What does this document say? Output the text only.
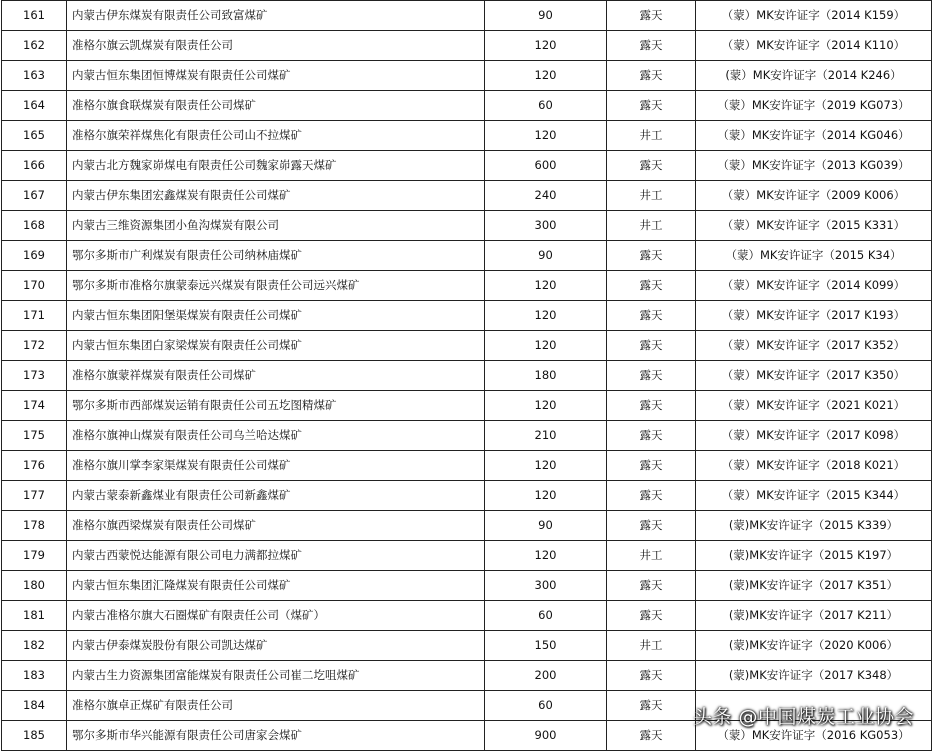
161	内蒙古伊东煤炭有限责任公司致富煤矿	90	露天	（蒙）MK安许证字（2014 K159）
162	准格尔旗云凯煤炭有限责任公司	120	露天	（蒙）MK安许证字（2014 K110）
163	内蒙古恒东集团恒博煤炭有限责任公司煤矿	120	露天	(蒙）MK安许证字（2014 K246）
164	准格尔旗食联煤炭有限责任公司煤矿	60	露天	（蒙）MK安许证字（2019 KG073）
165	准格尔旗荣祥煤焦化有限责任公司山不拉煤矿	120	井工	（蒙）MK安许证字（2014 KG046）
166	内蒙古北方魏家峁煤电有限责任公司魏家峁露天煤矿	600	露天	（蒙）MK安许证字（2013 KG039）
167	内蒙古伊东集团宏鑫煤炭有限责任公司煤矿	240	井工	（蒙）MK安许证字（2009 K006）
168	内蒙古三维资源集团小鱼沟煤炭有限公司	300	井工	（蒙）MK安许证字（2015 K331）
169	鄂尔多斯市广利煤炭有限责任公司纳林庙煤矿	90	露天	（蒙）MK安许证字（2015 K34）
170	鄂尔多斯市准格尔旗蒙泰远兴煤炭有限责任公司远兴煤矿	120	露天	（蒙）MK安许证字（2014 K099）
171	内蒙古恒东集团阳堡渠煤炭有限责任公司煤矿	120	露天	（蒙）MK安许证字（2017 K193）
172	内蒙古恒东集团白家梁煤炭有限责任公司煤矿	120	露天	（蒙）MK安许证字（2017 K352）
173	准格尔旗蒙祥煤炭有限责任公司煤矿	180	露天	（蒙）MK安许证字（2017 K350）
174	鄂尔多斯市西部煤炭运销有限责任公司五圪图精煤矿	120	露天	（蒙）MK安许证字（2021 K021）
175	准格尔旗神山煤炭有限责任公司乌兰哈达煤矿	210	露天	（蒙）MK安许证字（2017 K098）
176	准格尔旗川掌李家渠煤炭有限责任公司煤矿	120	露天	（蒙）MK安许证字（2018 K021）
177	内蒙古蒙泰新鑫煤业有限责任公司新鑫煤矿	120	露天	（蒙）MK安许证字（2015 K344）
178	准格尔旗西梁煤炭有限责任公司煤矿	90	露天	(蒙)MK安许证字（2015 K339）
179	内蒙古西蒙悦达能源有限公司电力满都拉煤矿	120	井工	(蒙)MK安许证字（2015 K197）
180	内蒙古恒东集团汇隆煤炭有限责任公司煤矿	300	露天	(蒙)MK安许证字（2017 K351）
181	内蒙古准格尔旗大石圈煤矿有限责任公司（煤矿）	60	露天	(蒙)MK安许证字（2017 K211）
182	内蒙古伊泰煤炭股份有限公司凯达煤矿	150	井工	(蒙)MK安许证字（2020 K006）
183	内蒙古生力资源集团富能煤炭有限责任公司崔二圪咀煤矿	200	露天	(蒙)MK安许证字（2017 K348）
184	准格尔旗卓正煤矿有限责任公司	60	露天	
185	鄂尔多斯市华兴能源有限责任公司唐家会煤矿	900	露天	（蒙）MK安许证字（2016 KG053）
头条 @中国煤炭工业协会
